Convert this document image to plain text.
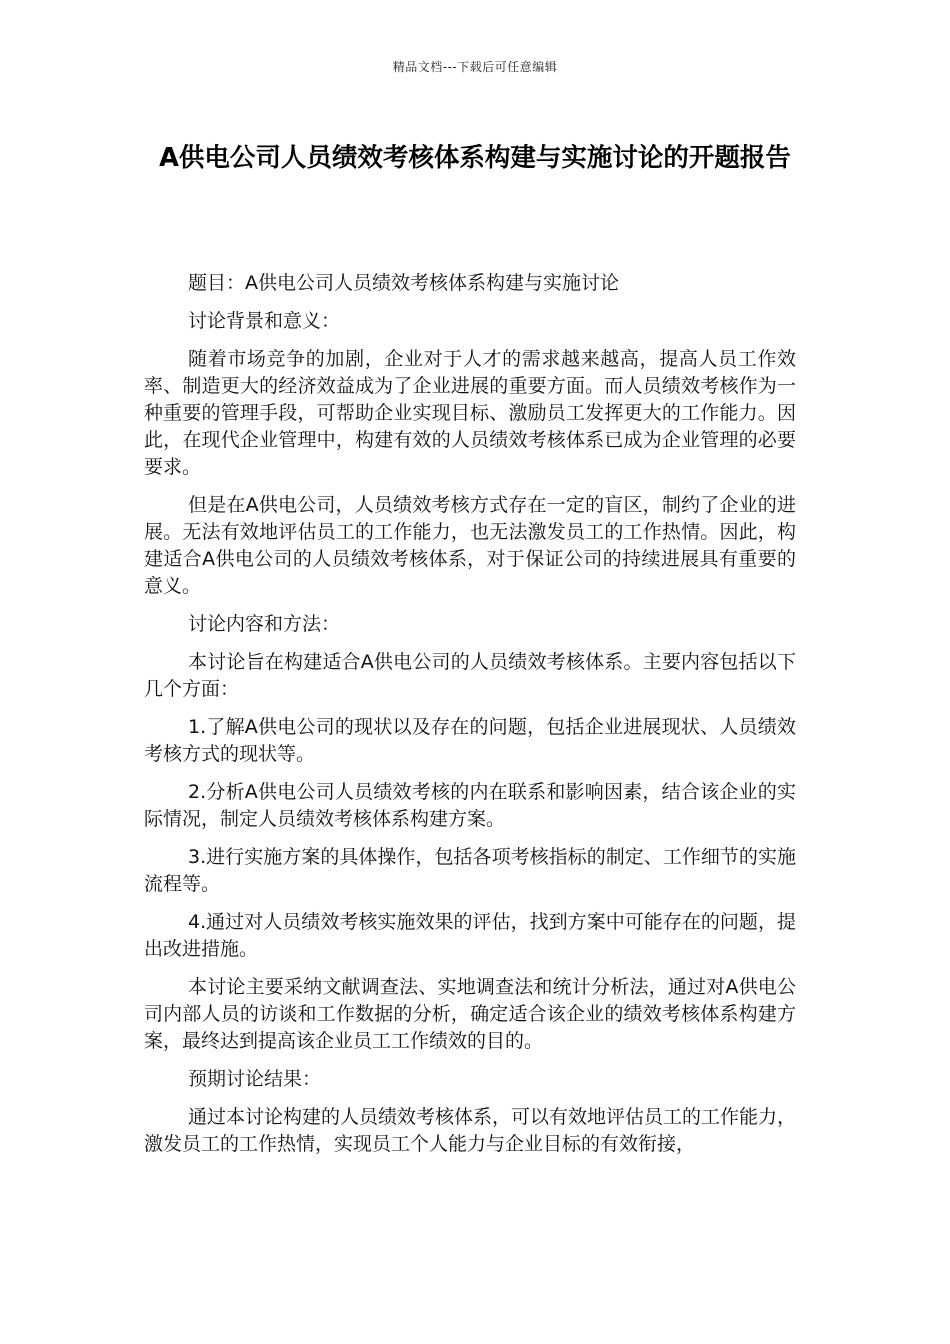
精品文档---下载后可任意编辑
A供电公司人员绩效考核体系构建与实施讨论的开题报告

题目：A供电公司人员绩效考核体系构建与实施讨论

讨论背景和意义：

随着市场竞争的加剧，企业对于人才的需求越来越高，提高人员工作效率、制造更大的经济效益成为了企业进展的重要方面。而人员绩效考核作为一种重要的管理手段，可帮助企业实现目标、激励员工发挥更大的工作能力。因此，在现代企业管理中，构建有效的人员绩效考核体系已成为企业管理的必要要求。

但是在A供电公司，人员绩效考核方式存在一定的盲区，制约了企业的进展。无法有效地评估员工的工作能力，也无法激发员工的工作热情。因此，构建适合A供电公司的人员绩效考核体系，对于保证公司的持续进展具有重要的意义。

讨论内容和方法：

本讨论旨在构建适合A供电公司的人员绩效考核体系。主要内容包括以下几个方面：

1.了解A供电公司的现状以及存在的问题，包括企业进展现状、人员绩效考核方式的现状等。

2.分析A供电公司人员绩效考核的内在联系和影响因素，结合该企业的实际情况，制定人员绩效考核体系构建方案。

3.进行实施方案的具体操作，包括各项考核指标的制定、工作细节的实施流程等。

4.通过对人员绩效考核实施效果的评估，找到方案中可能存在的问题，提出改进措施。

本讨论主要采纳文献调查法、实地调查法和统计分析法，通过对A供电公司内部人员的访谈和工作数据的分析，确定适合该企业的绩效考核体系构建方案，最终达到提高该企业员工工作绩效的目的。

预期讨论结果：

通过本讨论构建的人员绩效考核体系，可以有效地评估员工的工作能力，激发员工的工作热情，实现员工个人能力与企业目标的有效衔接，
